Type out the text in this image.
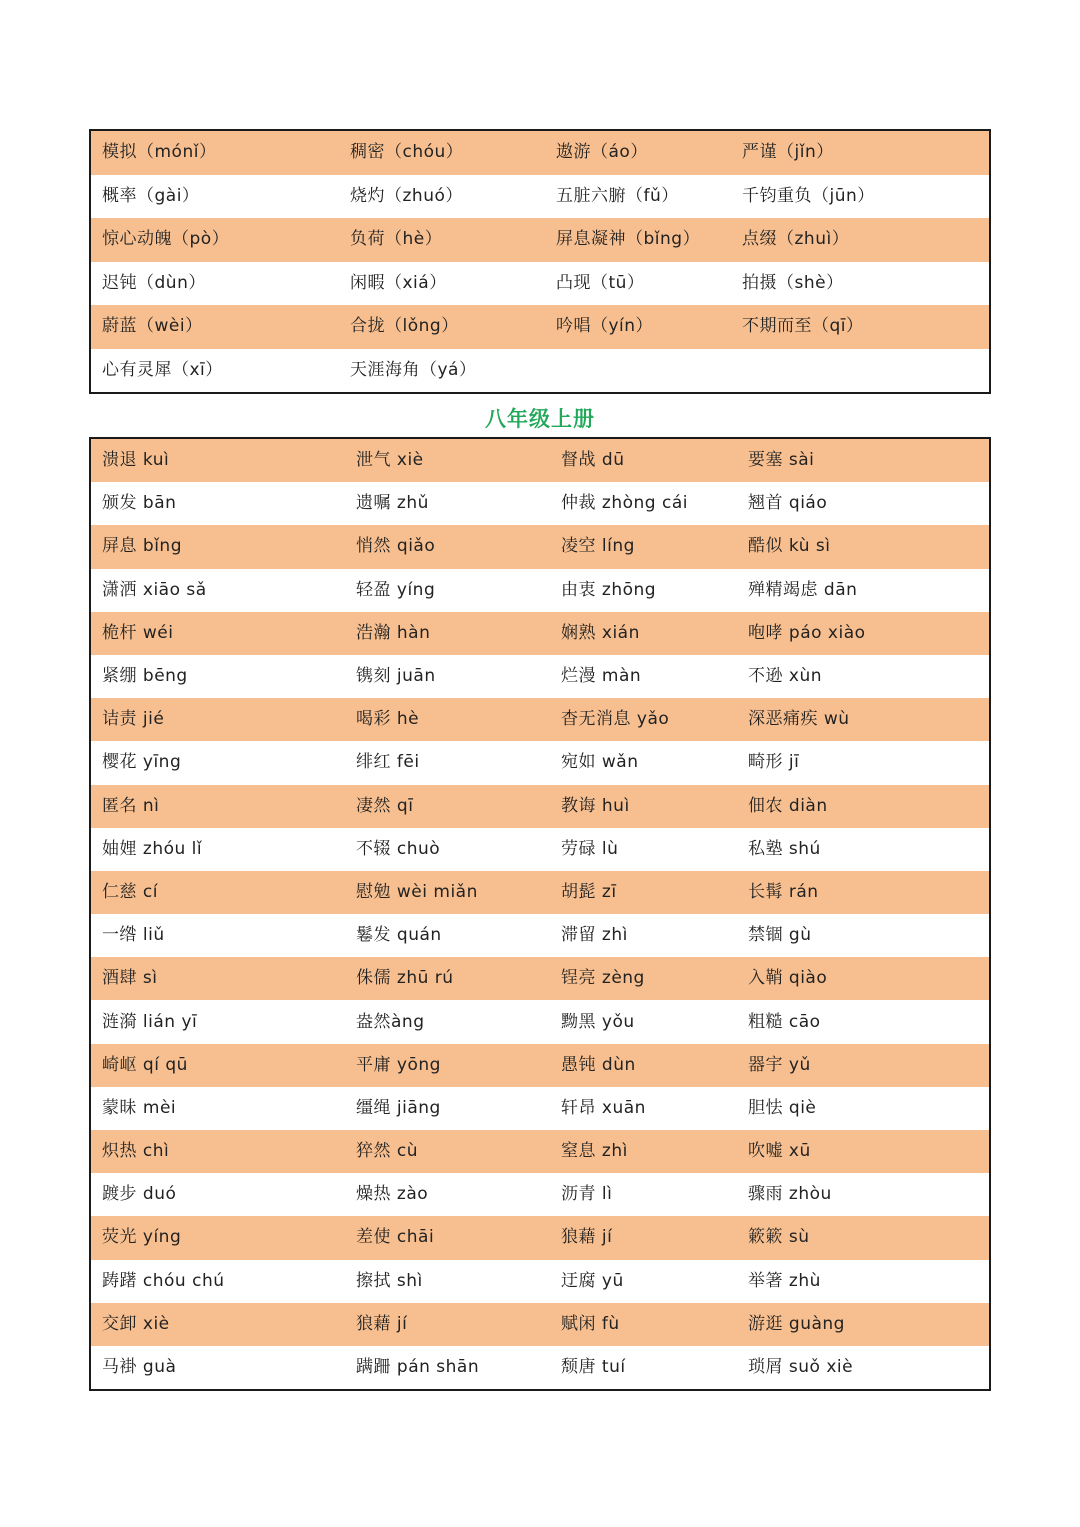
模拟（mónǐ）	稠密（chóu）	遨游（áo）	严谨（jǐn）
概率（gài）	烧灼（zhuó）	五脏六腑（fǔ）	千钧重负（jūn）
惊心动魄（pò）	负荷（hè）	屏息凝神（bǐng） 点缀（zhuì）
迟钝（dùn）	闲暇（xiá）	凸现（tū）	拍摄（shè）
蔚蓝（wèi）	合拢（lǒng）	吟唱（yín）	不期而至（qī）
心有灵犀（xī）	天涯海角（yá）
八年级上册
溃退 kuì	泄气 xiè	督战 dū	要塞 sài
颁发 bān	遗嘱 zhǔ	仲裁 zhòng cái	翘首 qiáo
屏息 bǐng	悄然 qiǎo	凌空 líng	酷似 kù sì
潇洒 xiāo sǎ	轻盈 yíng	由衷 zhōng	殚精竭虑 dān
桅杆 wéi	浩瀚 hàn	娴熟 xián	咆哮 páo xiào
紧绷 bēng	镌刻 juān	烂漫 màn	不逊 xùn
诘责 jié	喝彩 hè	杳无消息 yǎo	深恶痛疾 wù
樱花 yīng	绯红 fēi	宛如 wǎn	畸形 jī
匿名 nì	凄然 qī	教诲 huì	佃农 diàn
妯娌 zhóu lǐ	不辍 chuò	劳碌 lù	私塾 shú
仁慈 cí	慰勉 wèi miǎn	胡髭 zī	长髯 rán
一绺 liǔ	鬈发 quán	滞留 zhì	禁锢 gù
酒肆 sì	侏儒 zhū rú	锃亮 zèng	入鞘 qiào
涟漪 lián yī	盎然àng	黝黑 yǒu	粗糙 cāo
崎岖 qí qū	平庸 yōng	愚钝 dùn	器宇 yǔ
蒙昧 mèi	缰绳 jiāng	轩昂 xuān	胆怯 qiè
炽热 chì	猝然 cù	窒息 zhì	吹嘘 xū
踱步 duó	燥热 zào	沥青 lì	骤雨 zhòu
荧光 yíng	差使 chāi	狼藉 jí	簌簌 sù
踌躇 chóu chú	擦拭 shì	迂腐 yū	举箸 zhù
交卸 xiè	狼藉 jí	赋闲 fù	游逛 guàng
马褂 guà	蹒跚 pán shān	颓唐 tuí	琐屑 suǒ xiè
